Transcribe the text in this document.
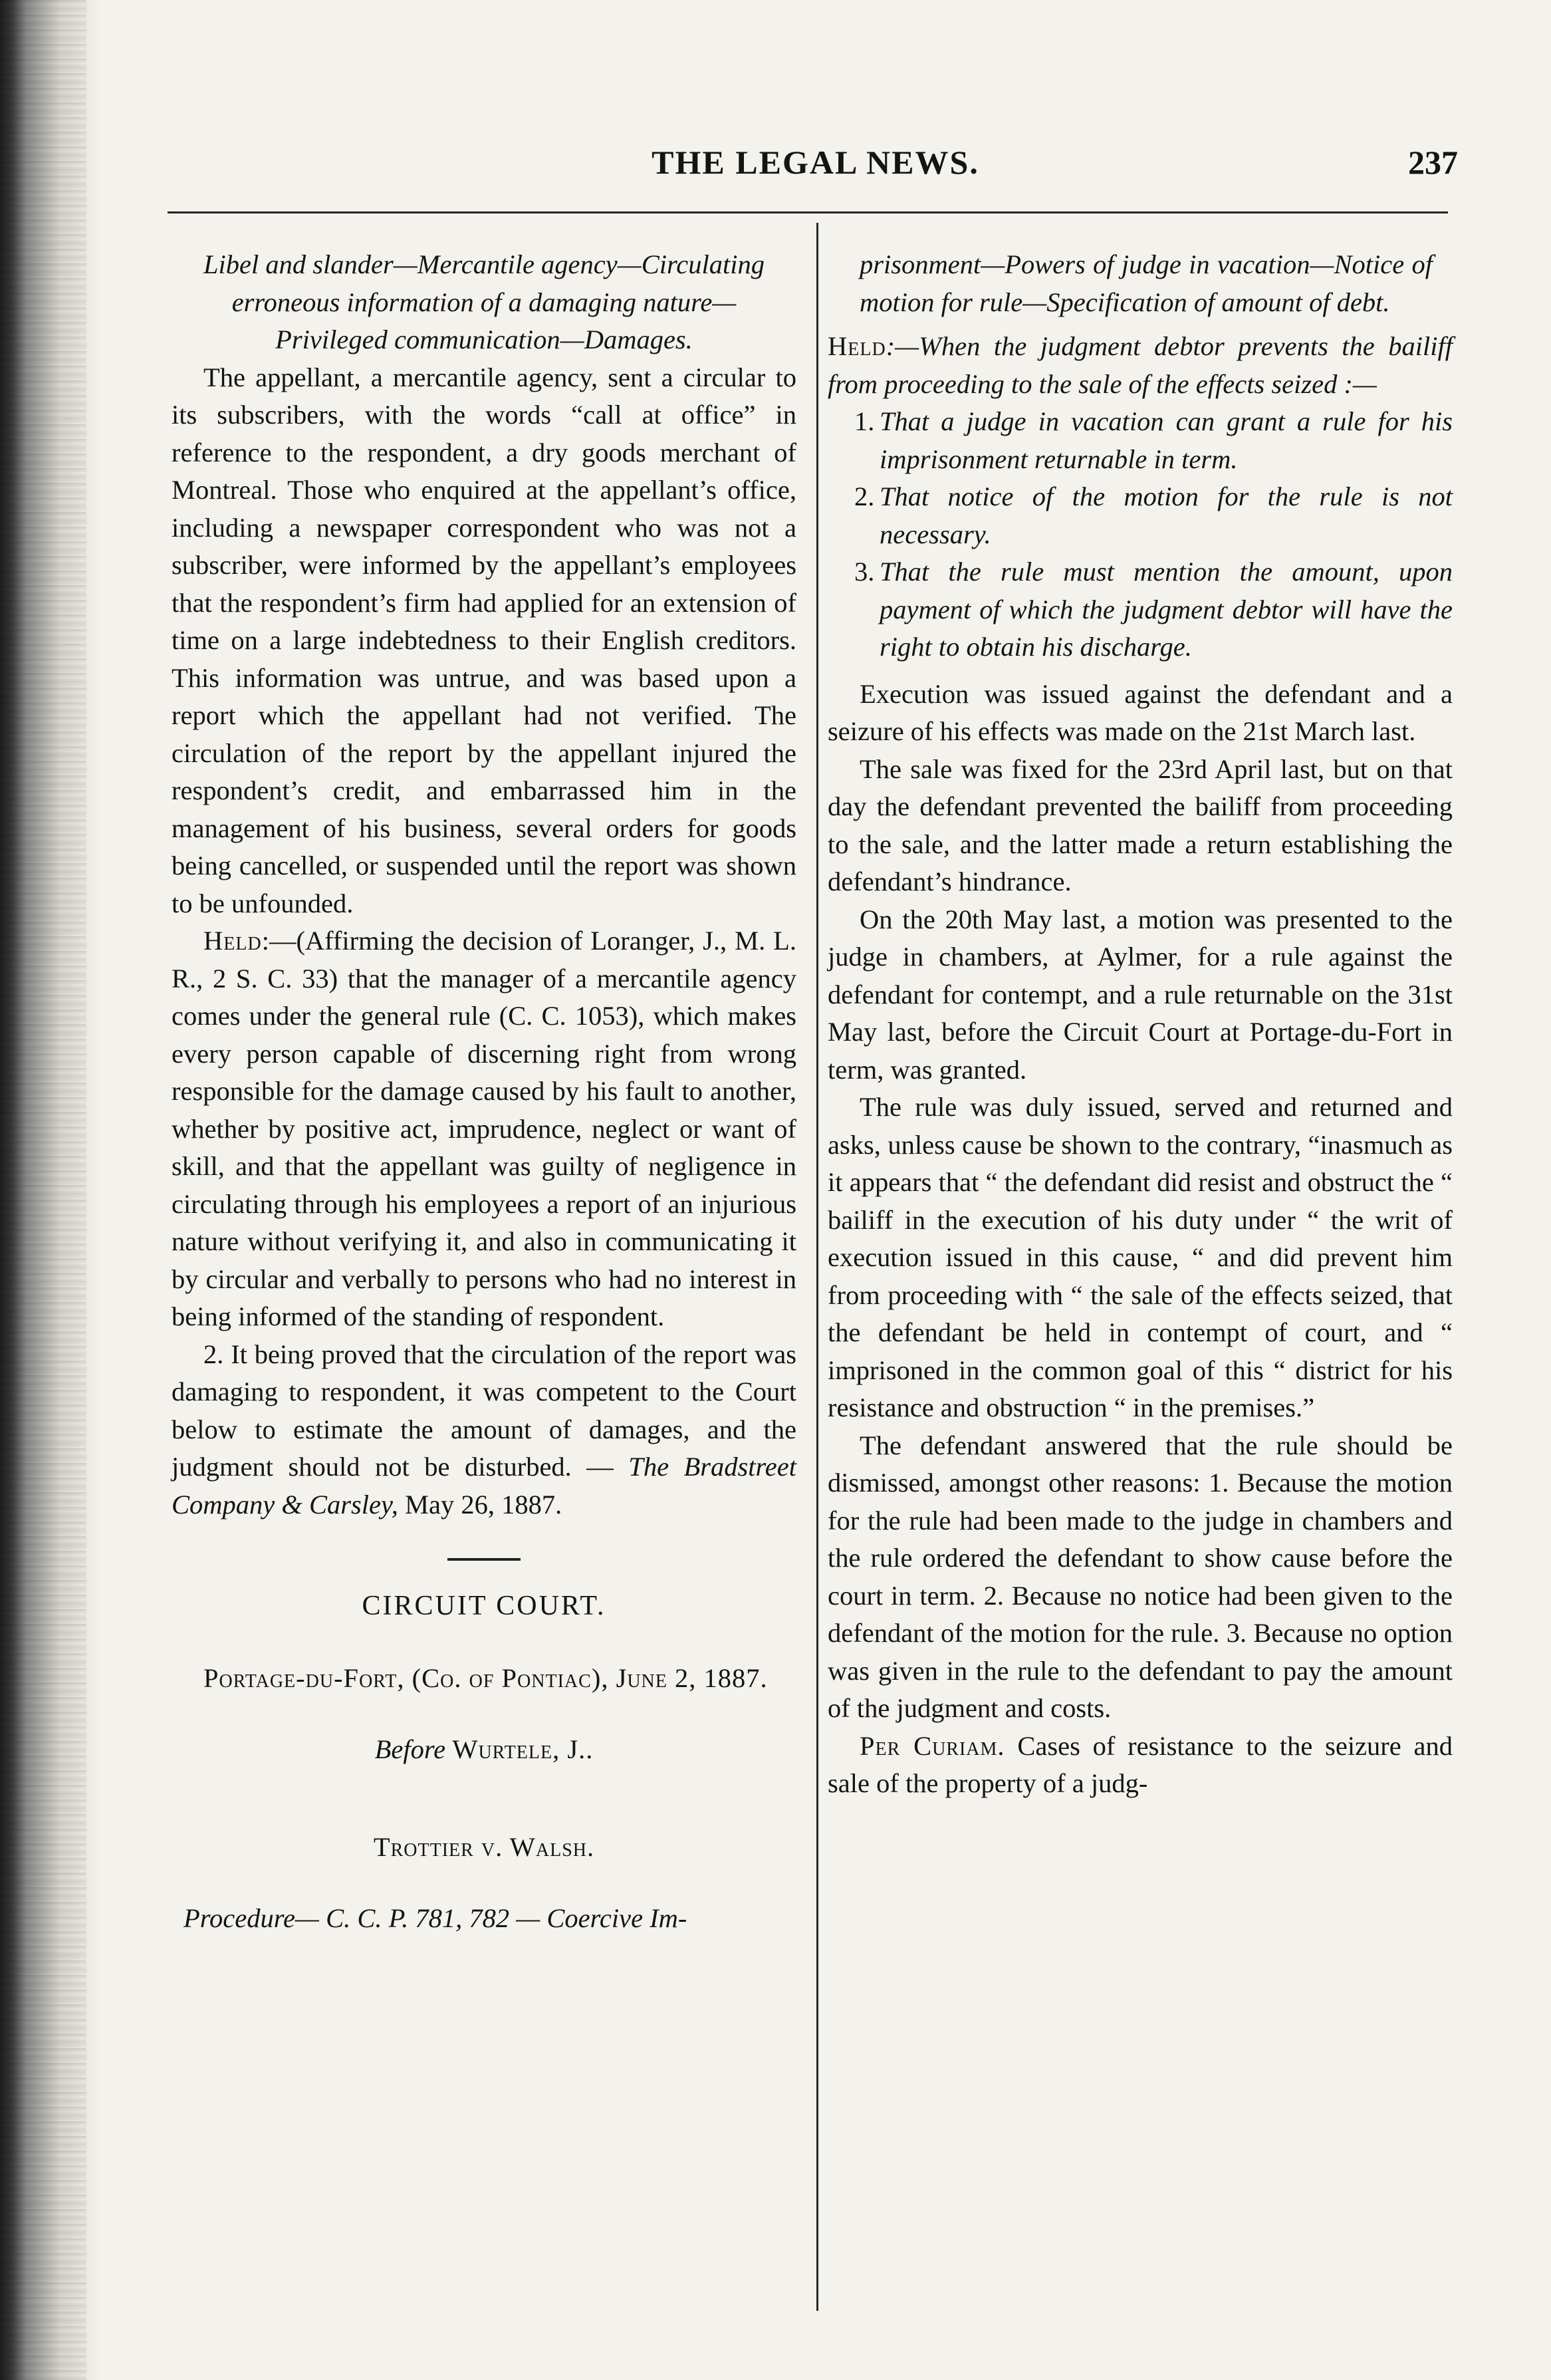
THE LEGAL NEWS.	237

Libel and slander—Mercantile agency—Circulating erroneous information of a damaging nature—Privileged communication—Damages.

The appellant, a mercantile agency, sent a circular to its subscribers, with the words “call at office” in reference to the respondent, a dry goods merchant of Montreal. Those who enquired at the appellant’s office, including a newspaper correspondent who was not a subscriber, were informed by the appellant’s employees that the respondent’s firm had applied for an extension of time on a large indebtedness to their English creditors. This information was untrue, and was based upon a report which the appellant had not verified. The circulation of the report by the appellant injured the respondent’s credit, and embarrassed him in the management of his business, several orders for goods being cancelled, or suspended until the report was shown to be unfounded.

Held:—(Affirming the decision of Loranger, J., M. L. R., 2 S. C. 33) that the manager of a mercantile agency comes under the general rule (C. C. 1053), which makes every person capable of discerning right from wrong responsible for the damage caused by his fault to another, whether by positive act, imprudence, neglect or want of skill, and that the appellant was guilty of negligence in circulating through his employees a report of an injurious nature without verifying it, and also in communicating it by circular and verbally to persons who had no interest in being informed of the standing of respondent.

2. It being proved that the circulation of the report was damaging to respondent, it was competent to the Court below to estimate the amount of damages, and the judgment should not be disturbed. — The Bradstreet Company & Carsley, May 26, 1887.

CIRCUIT COURT.

Portage-du-Fort, (Co. of Pontiac), June 2, 1887.

Before Wurtele, J..

Trottier v. Walsh.

Procedure— C. C. P. 781, 782 — Coercive Im-

prisonment—Powers of judge in vacation—Notice of motion for rule—Specification of amount of debt.

Held:—When the judgment debtor prevents the bailiff from proceeding to the sale of the effects seized :—

1. That a judge in vacation can grant a rule for his imprisonment returnable in term.
2. That notice of the motion for the rule is not necessary.
3. That the rule must mention the amount, upon payment of which the judgment debtor will have the right to obtain his discharge.

Execution was issued against the defendant and a seizure of his effects was made on the 21st March last.

The sale was fixed for the 23rd April last, but on that day the defendant prevented the bailiff from proceeding to the sale, and the latter made a return establishing the defendant’s hindrance.

On the 20th May last, a motion was presented to the judge in chambers, at Aylmer, for a rule against the defendant for contempt, and a rule returnable on the 31st May last, before the Circuit Court at Portage-du-Fort in term, was granted.

The rule was duly issued, served and returned and asks, unless cause be shown to the contrary, “inasmuch as it appears that “ the defendant did resist and obstruct the “ bailiff in the execution of his duty under “ the writ of execution issued in this cause, “ and did prevent him from proceeding with “ the sale of the effects seized, that the defendant be held in contempt of court, and “ imprisoned in the common goal of this “ district for his resistance and obstruction “ in the premises.”

The defendant answered that the rule should be dismissed, amongst other reasons: 1. Because the motion for the rule had been made to the judge in chambers and the rule ordered the defendant to show cause before the court in term. 2. Because no notice had been given to the defendant of the motion for the rule. 3. Because no option was given in the rule to the defendant to pay the amount of the judgment and costs.

Per Curiam. Cases of resistance to the seizure and sale of the property of a judg-
